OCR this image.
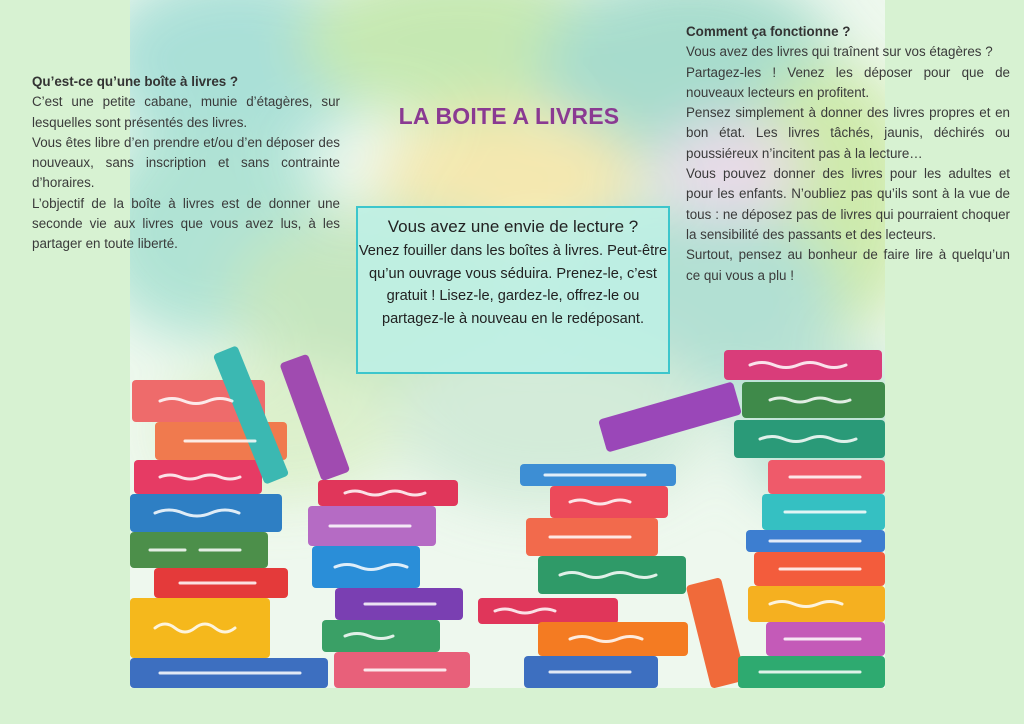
Qu’est-ce qu’une boîte à livres ?

C’est une petite cabane, munie d’étagères, sur lesquelles sont présentés des livres.

Vous êtes libre d’en prendre et/ou d’en déposer des nouveaux, sans inscription et sans contrainte d’horaires.

L’objectif de la boîte à livres est de donner une seconde vie aux livres que vous avez lus, à les partager en toute liberté.

LA BOITE A LIVRES
Vous avez une envie de lecture ?
Venez fouiller dans les boîtes à livres. Peut-être qu’un ouvrage vous séduira. Prenez-le, c’est gratuit ! Lisez-le, gardez-le, offrez-le ou partagez-le à nouveau en le redéposant.

Comment ça fonctionne ?

Vous avez des livres qui traînent sur vos étagères ?

Partagez-les ! Venez les déposer pour que de nouveaux lecteurs en profitent.

Pensez simplement à donner des livres propres et en bon état. Les livres tâchés, jaunis, déchirés ou poussiéreux n’incitent pas à la lecture…

Vous pouvez donner des livres pour les adultes et pour les enfants. N’oubliez pas qu’ils sont à la vue de tous : ne déposez pas de livres qui pourraient choquer la sensibilité des passants et des lecteurs.

Surtout, pensez au bonheur de faire lire à quelqu’un ce qui vous a plu !
